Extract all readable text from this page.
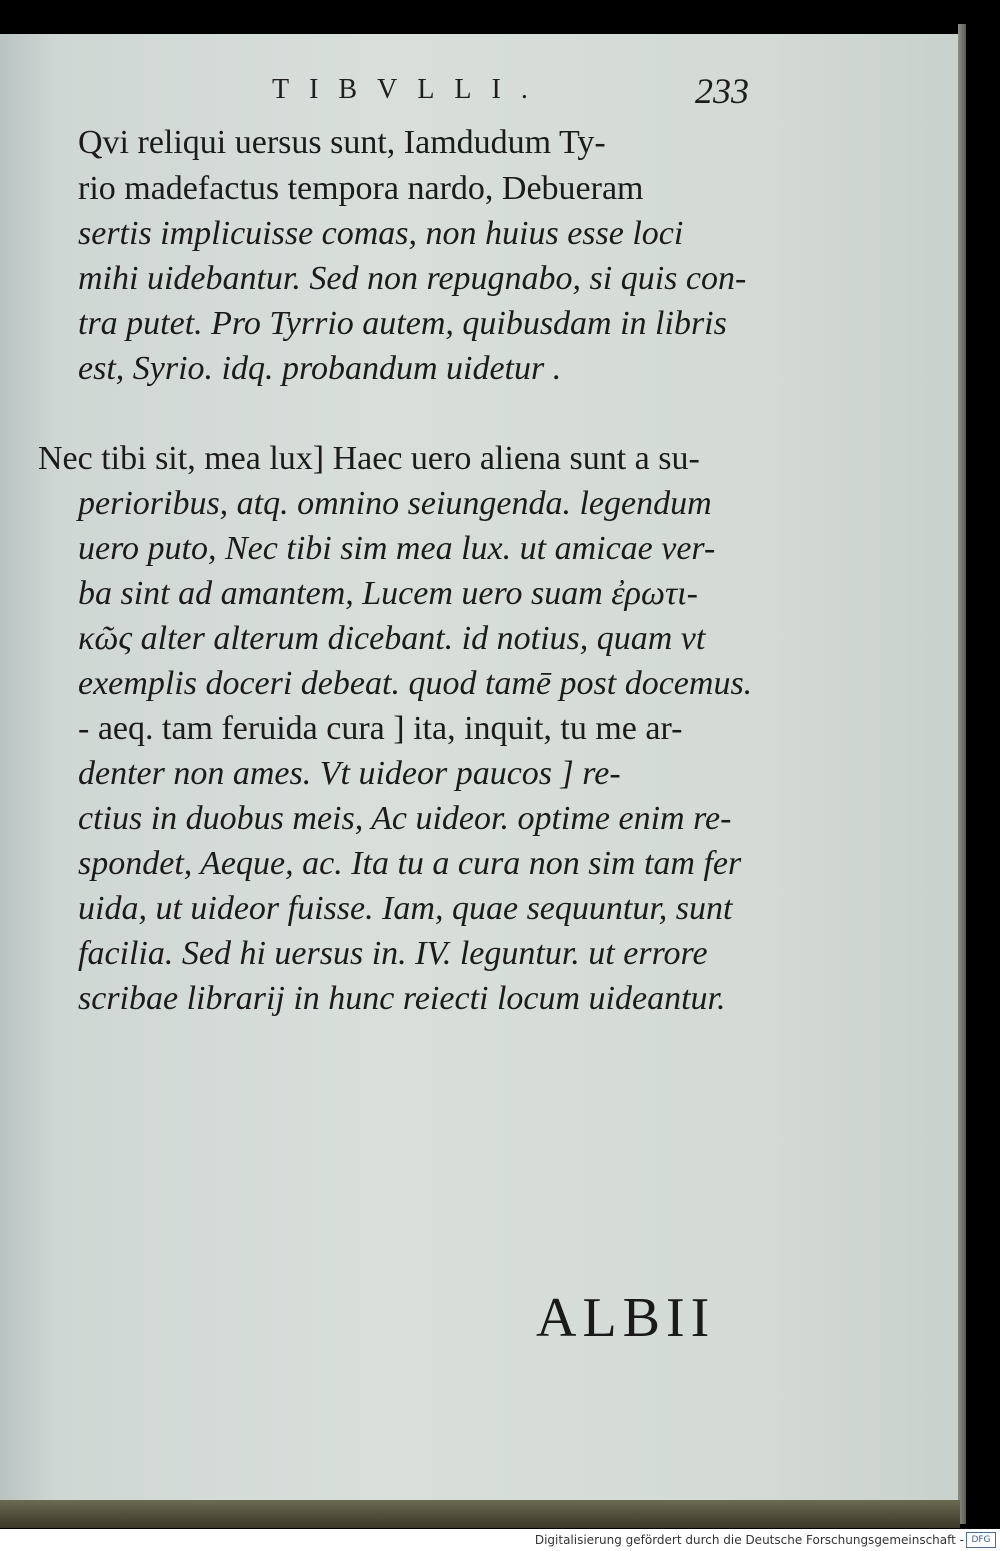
TIBVLLI.	233
Qvi reliqui uersus sunt, Iamdudum Ty-
rio madefactus tempora nardo, Debueram
sertis implicuisse comas, non huius esse loci
mihi uidebantur. Sed non repugnabo, si quis con-
tra putet. Pro Tyrrio autem, quibusdam in libris
est, Syrio. idq. probandum uidetur .
Nec tibi sit, mea lux] Haec uero aliena sunt a su-
perioribus, atq. omnino seiungenda. legendum
uero puto, Nec tibi sim mea lux. ut amicae ver-
ba sint ad amantem, Lucem uero suam ἐρωτι-
κῶς alter alterum dicebant. id notius, quam vt
exemplis doceri debeat. quod tamē post docemus.
- aeq. tam feruida cura ] ita, inquit, tu me ar-
denter non ames. Vt uideor paucos ] re-
ctius in duobus meis, Ac uideor. optime enim re-
spondet, Aeque, ac. Ita tu a cura non sim tam fer
uida, ut uideor fuisse. Iam, quae sequuntur, sunt
facilia. Sed hi uersus in. IV. leguntur. ut errore
scribae librarij in hunc reiecti locum uideantur.
ALBII
Digitalisierung gefördert durch die Deutsche Forschungsgemeinschaft - DFG
